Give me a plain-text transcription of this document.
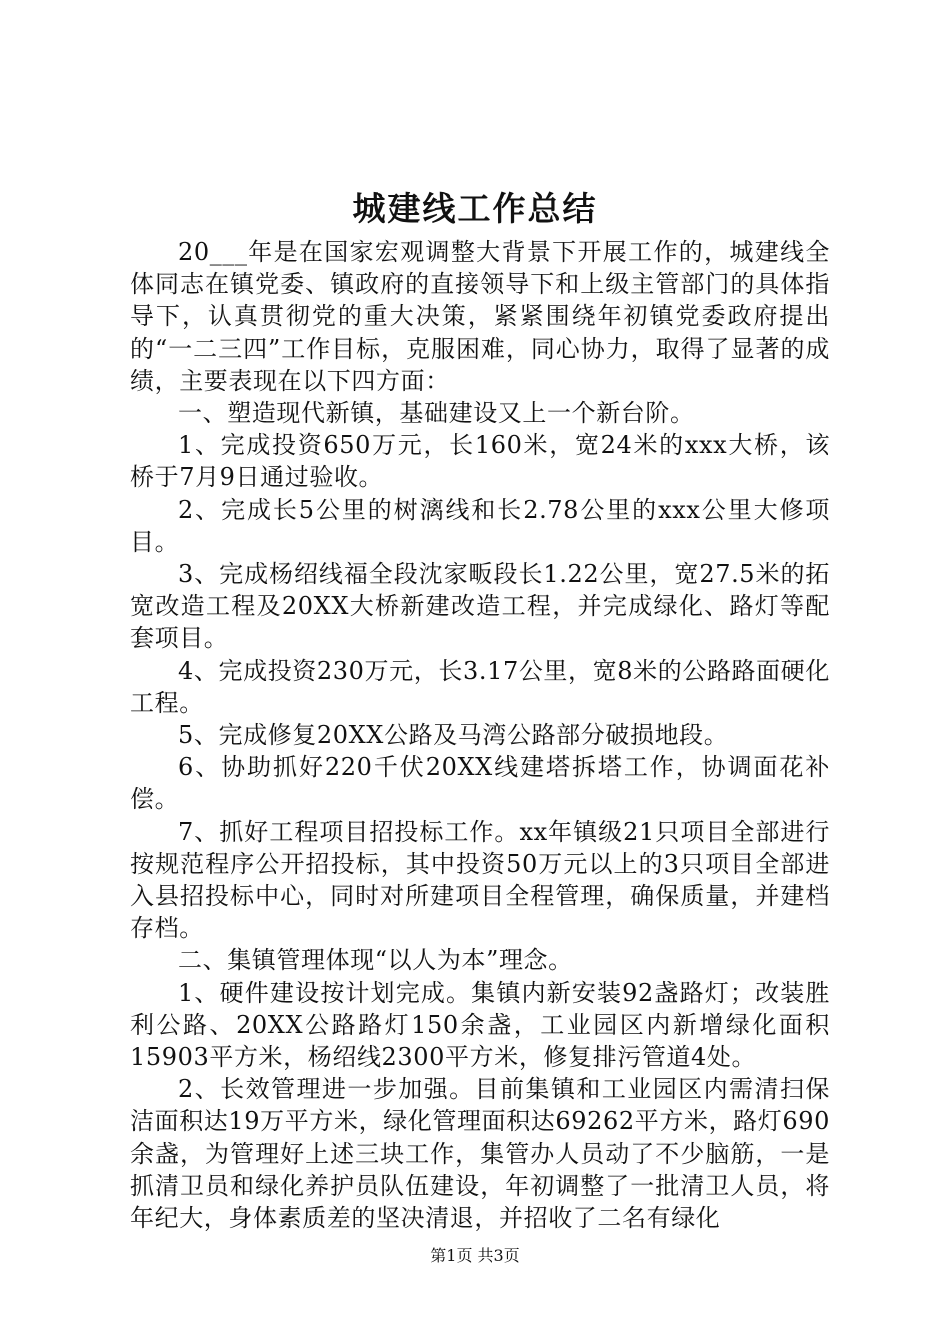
城建线工作总结

20___年是在国家宏观调整大背景下开展工作的，城建线全体同志在镇党委、镇政府的直接领导下和上级主管部门的具体指导下，认真贯彻党的重大决策，紧紧围绕年初镇党委政府提出的“一二三四”工作目标，克服困难，同心协力，取得了显著的成绩，主要表现在以下四方面：

一、塑造现代新镇，基础建设又上一个新台阶。

1、完成投资650万元，长160米，宽24米的xxx大桥，该桥于7月9日通过验收。

2、完成长5公里的树漓线和长2.78公里的xxx公里大修项目。

3、完成杨绍线福全段沈家畈段长1.22公里，宽27.5米的拓宽改造工程及20XX大桥新建改造工程，并完成绿化、路灯等配套项目。

4、完成投资230万元，长3.17公里，宽8米的公路路面硬化工程。

5、完成修复20XX公路及马湾公路部分破损地段。

6、协助抓好220千伏20XX线建塔拆塔工作，协调面花补偿。

7、抓好工程项目招投标工作。xx年镇级21只项目全部进行按规范程序公开招投标，其中投资50万元以上的3只项目全部进入县招投标中心，同时对所建项目全程管理，确保质量，并建档存档。

二、集镇管理体现“以人为本”理念。

1、硬件建设按计划完成。集镇内新安装92盏路灯；改装胜利公路、20XX公路路灯150余盏，工业园区内新增绿化面积15903平方米，杨绍线2300平方米，修复排污管道4处。

2、长效管理进一步加强。目前集镇和工业园区内需清扫保洁面积达19万平方米，绿化管理面积达69262平方米，路灯690余盏，为管理好上述三块工作，集管办人员动了不少脑筋，一是抓清卫员和绿化养护员队伍建设，年初调整了一批清卫人员，将年纪大，身体素质差的坚决清退，并招收了二名有绿化

第1页 共3页
